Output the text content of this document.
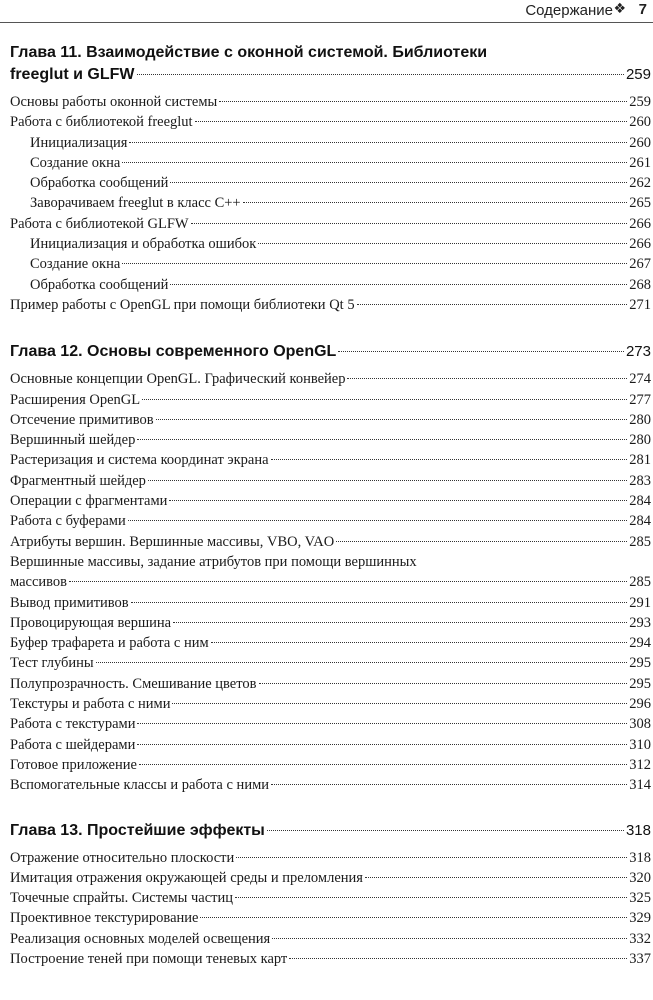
Содержание ❖ 7
Глава 11. Взаимодействие с оконной системой. Библиотеки
freeglut и GLFW	259
Основы работы оконной системы	259
Работа с библиотекой freeglut	260
Инициализация	260
Создание окна	261
Обработка сообщений	262
Заворачиваем freeglut в класс C++	265
Работа с библиотекой GLFW	266
Инициализация и обработка ошибок	266
Создание окна	267
Обработка сообщений	268
Пример работы с OpenGL при помощи библиотеки Qt 5	271
Глава 12. Основы современного OpenGL	273
Основные концепции OpenGL. Графический конвейер	274
Расширения OpenGL	277
Отсечение примитивов	280
Вершинный шейдер	280
Растеризация и система координат экрана	281
Фрагментный шейдер	283
Операции с фрагментами	284
Работа с буферами	284
Атрибуты вершин. Вершинные массивы, VBO, VAO	285
Вершинные массивы, задание атрибутов при помощи вершинных
массивов	285
Вывод примитивов	291
Провоцирующая вершина	293
Буфер трафарета и работа с ним	294
Тест глубины	295
Полупрозрачность. Смешивание цветов	295
Текстуры и работа с ними	296
Работа с текстурами	308
Работа с шейдерами	310
Готовое приложение	312
Вспомогательные классы и работа с ними	314
Глава 13. Простейшие эффекты	318
Отражение относительно плоскости	318
Имитация отражения окружающей среды и преломления	320
Точечные спрайты. Системы частиц	325
Проективное текстурирование	329
Реализация основных моделей освещения	332
Построение теней при помощи теневых карт	337
